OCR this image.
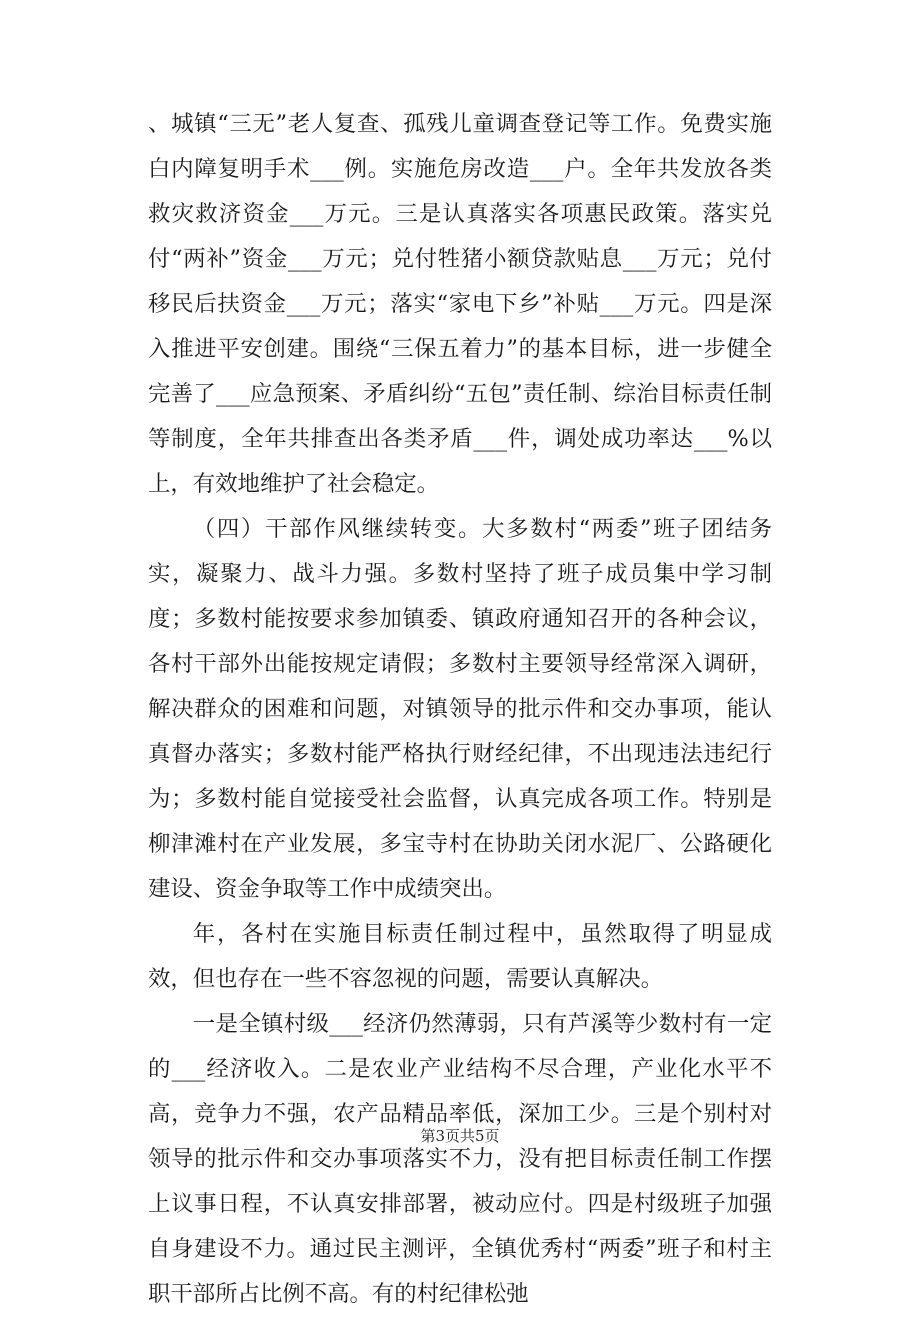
、城镇“三无”老人复查、孤残儿童调查登记等工作。免费实施白内障复明手术___例。实施危房改造___户。全年共发放各类救灾救济资金___万元。三是认真落实各项惠民政策。落实兑付“两补”资金___万元；兑付牲猪小额贷款贴息___万元；兑付移民后扶资金___万元；落实“家电下乡”补贴___万元。四是深入推进平安创建。围绕“三保五着力”的基本目标，进一步健全完善了___应急预案、矛盾纠纷“五包”责任制、综治目标责任制等制度，全年共排查出各类矛盾___件，调处成功率达___%以上，有效地维护了社会稳定。

（四）干部作风继续转变。大多数村“两委”班子团结务实，凝聚力、战斗力强。多数村坚持了班子成员集中学习制度；多数村能按要求参加镇委、镇政府通知召开的各种会议，各村干部外出能按规定请假；多数村主要领导经常深入调研，解决群众的困难和问题，对镇领导的批示件和交办事项，能认真督办落实；多数村能严格执行财经纪律，不出现违法违纪行为；多数村能自觉接受社会监督，认真完成各项工作。特别是柳津滩村在产业发展，多宝寺村在协助关闭水泥厂、公路硬化建设、资金争取等工作中成绩突出。

年，各村在实施目标责任制过程中，虽然取得了明显成效，但也存在一些不容忽视的问题，需要认真解决。

一是全镇村级___经济仍然薄弱，只有芦溪等少数村有一定的___经济收入。二是农业产业结构不尽合理，产业化水平不高，竞争力不强，农产品精品率低，深加工少。三是个别村对领导的批示件和交办事项落实不力，没有把目标责任制工作摆上议事日程，不认真安排部署，被动应付。四是村级班子加强自身建设不力。通过民主测评，全镇优秀村“两委”班子和村主职干部所占比例不高。有的村纪律松弛

第3页共5页
